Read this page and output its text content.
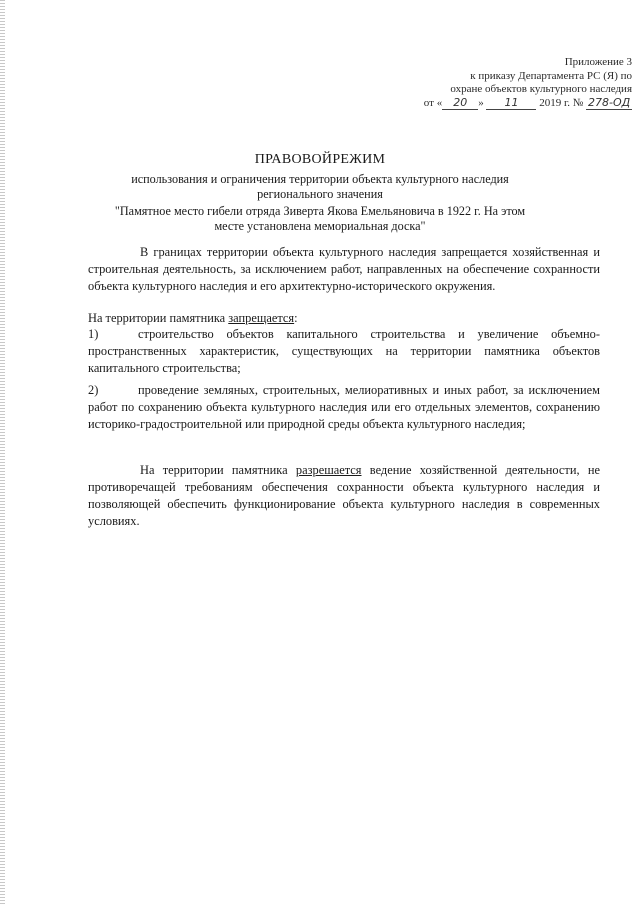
Приложение 3
к приказу Департамента РС (Я) по
охране объектов культурного наследия
от « 20 » 11 2019 г. № 278-ОД
ПРАВОВОЙРЕЖИМ
использования и ограничения территории объекта культурного наследия регионального значения
"Памятное место гибели отряда Зиверта Якова Емельяновича в 1922 г. На этом месте установлена мемориальная доска"
В границах территории объекта культурного наследия запрещается хозяйственная и строительная деятельность, за исключением работ, направленных на обеспечение сохранности объекта культурного наследия и его архитектурно-исторического окружения.
На территории памятника запрещается:
1)	строительство объектов капитального строительства и увеличение объемно-пространственных характеристик, существующих на территории памятника объектов капитального строительства;
2)	проведение земляных, строительных, мелиоративных и иных работ, за исключением работ по сохранению объекта культурного наследия или его отдельных элементов, сохранению историко-градостроительной или природной среды объекта культурного наследия;
На территории памятника разрешается ведение хозяйственной деятельности, не противоречащей требованиям обеспечения сохранности объекта культурного наследия и позволяющей обеспечить функционирование объекта культурного наследия в современных условиях.
